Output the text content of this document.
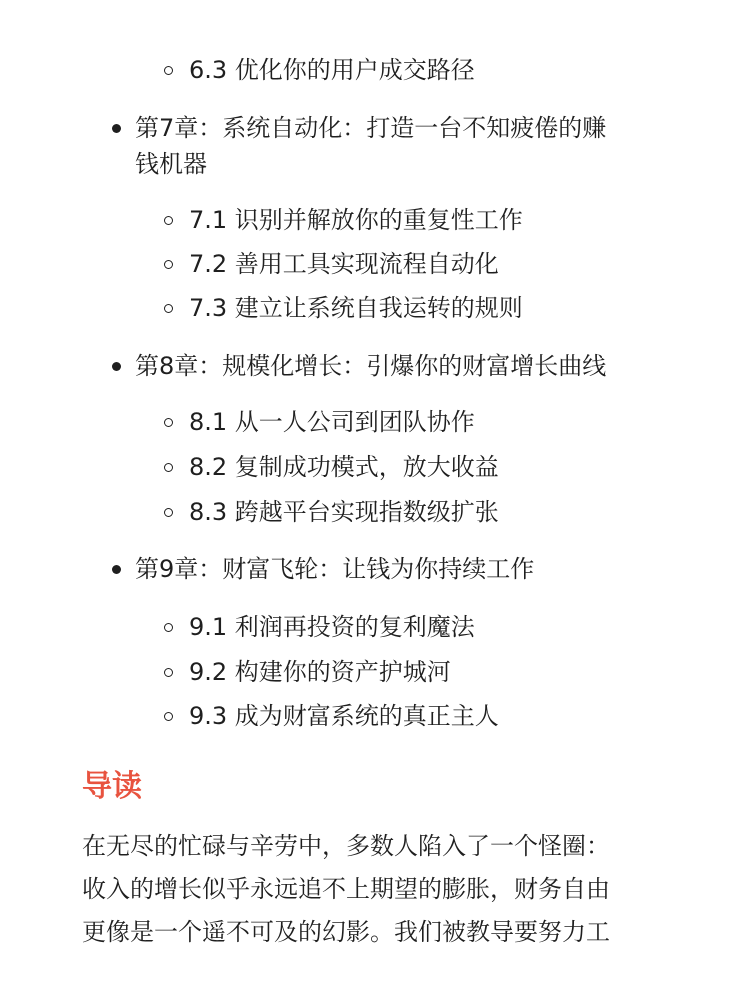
6.3 优化你的用户成交路径
第7章：系统自动化：打造一台不知疲倦的赚
钱机器
7.1 识别并解放你的重复性工作
7.2 善用工具实现流程自动化
7.3 建立让系统自我运转的规则
第8章：规模化增长：引爆你的财富增长曲线
8.1 从一人公司到团队协作
8.2 复制成功模式，放大收益
8.3 跨越平台实现指数级扩张
第9章：财富飞轮：让钱为你持续工作
9.1 利润再投资的复利魔法
9.2 构建你的资产护城河
9.3 成为财富系统的真正主人
导读
在无尽的忙碌与辛劳中，多数人陷入了一个怪圈：
收入的增长似乎永远追不上期望的膨胀，财务自由
更像是一个遥不可及的幻影。我们被教导要努力工
